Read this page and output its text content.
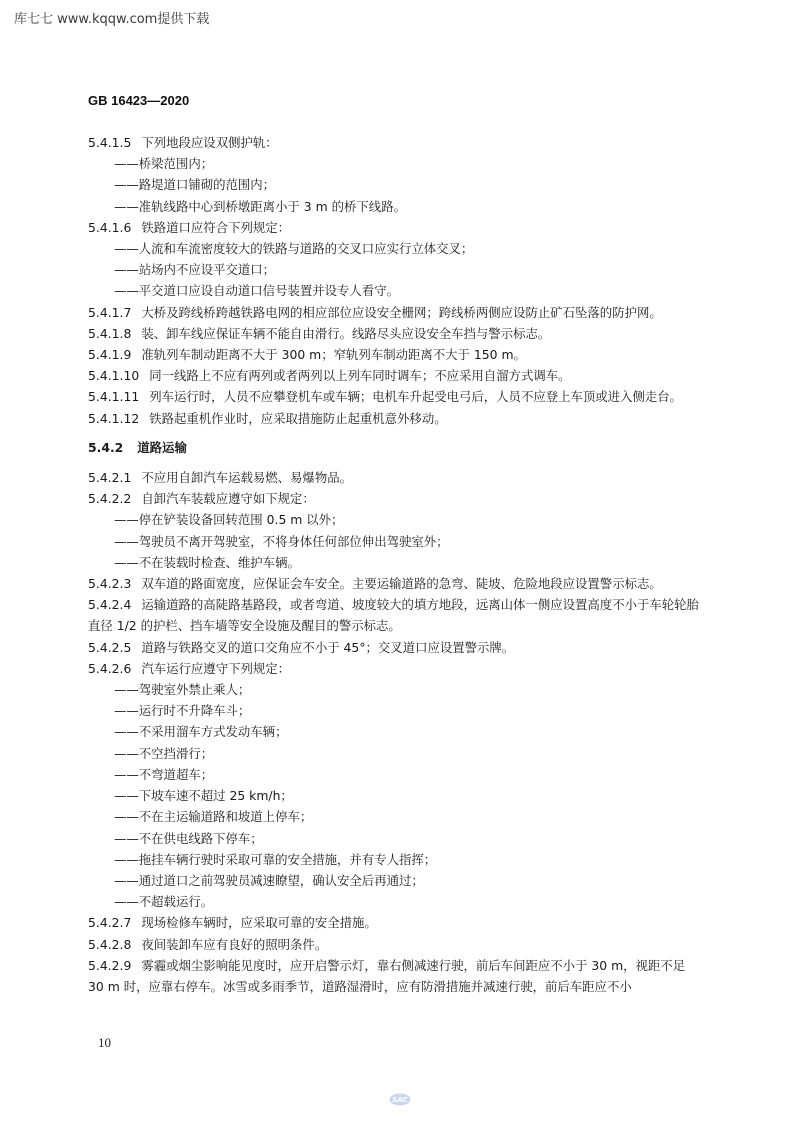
库七七 www.kqqw.com提供下载
GB 16423—2020
5.4.1.5 下列地段应设双侧护轨：
——桥梁范围内；
——路堤道口铺砌的范围内；
——准轨线路中心到桥墩距离小于 3 m 的桥下线路。
5.4.1.6 铁路道口应符合下列规定：
——人流和车流密度较大的铁路与道路的交叉口应实行立体交叉；
——站场内不应设平交道口；
——平交道口应设自动道口信号装置并设专人看守。
5.4.1.7 大桥及跨线桥跨越铁路电网的相应部位应设安全栅网；跨线桥两侧应设防止矿石坠落的防护网。
5.4.1.8 装、卸车线应保证车辆不能自由滑行。线路尽头应设安全车挡与警示标志。
5.4.1.9 准轨列车制动距离不大于 300 m；窄轨列车制动距离不大于 150 m。
5.4.1.10 同一线路上不应有两列或者两列以上列车同时调车；不应采用自溜方式调车。
5.4.1.11 列车运行时，人员不应攀登机车或车辆；电机车升起受电弓后，人员不应登上车顶或进入侧走台。
5.4.1.12 铁路起重机作业时，应采取措施防止起重机意外移动。
5.4.2 道路运输
5.4.2.1 不应用自卸汽车运载易燃、易爆物品。
5.4.2.2 自卸汽车装载应遵守如下规定：
——停在铲装设备回转范围 0.5 m 以外；
——驾驶员不离开驾驶室，不将身体任何部位伸出驾驶室外；
——不在装载时检查、维护车辆。
5.4.2.3 双车道的路面宽度，应保证会车安全。主要运输道路的急弯、陡坡、危险地段应设置警示标志。
5.4.2.4 运输道路的高陡路基路段，或者弯道、坡度较大的填方地段，远离山体一侧应设置高度不小于车轮轮胎直径 1/2 的护栏、挡车墙等安全设施及醒目的警示标志。
5.4.2.5 道路与铁路交叉的道口交角应不小于 45°；交叉道口应设置警示牌。
5.4.2.6 汽车运行应遵守下列规定：
——驾驶室外禁止乘人；
——运行时不升降车斗；
——不采用溜车方式发动车辆；
——不空挡滑行；
——不弯道超车；
——下坡车速不超过 25 km/h；
——不在主运输道路和坡道上停车；
——不在供电线路下停车；
——拖挂车辆行驶时采取可靠的安全措施，并有专人指挥；
——通过道口之前驾驶员减速瞭望，确认安全后再通过；
——不超载运行。
5.4.2.7 现场检修车辆时，应采取可靠的安全措施。
5.4.2.8 夜间装卸车应有良好的照明条件。
5.4.2.9 雾霾或烟尘影响能见度时，应开启警示灯，靠右侧减速行驶，前后车间距应不小于 30 m，视距不足 30 m 时，应靠右停车。冰雪或多雨季节，道路湿滑时，应有防滑措施并减速行驶，前后车距应不小
10
SAC
